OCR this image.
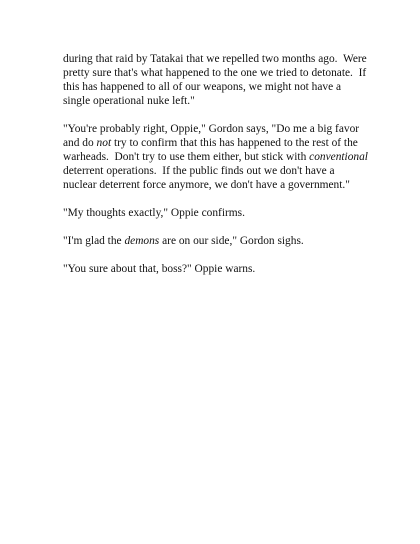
during that raid by Tatakai that we repelled two months ago.  Were
pretty sure that's what happened to the one we tried to detonate.  If
this has happened to all of our weapons, we might not have a
single operational nuke left."

"You're probably right, Oppie," Gordon says, "Do me a big favor
and do not try to confirm that this has happened to the rest of the
warheads.  Don't try to use them either, but stick with conventional
deterrent operations.  If the public finds out we don't have a
nuclear deterrent force anymore, we don't have a government."

"My thoughts exactly," Oppie confirms.

"I'm glad the demons are on our side," Gordon sighs.

"You sure about that, boss?" Oppie warns.
